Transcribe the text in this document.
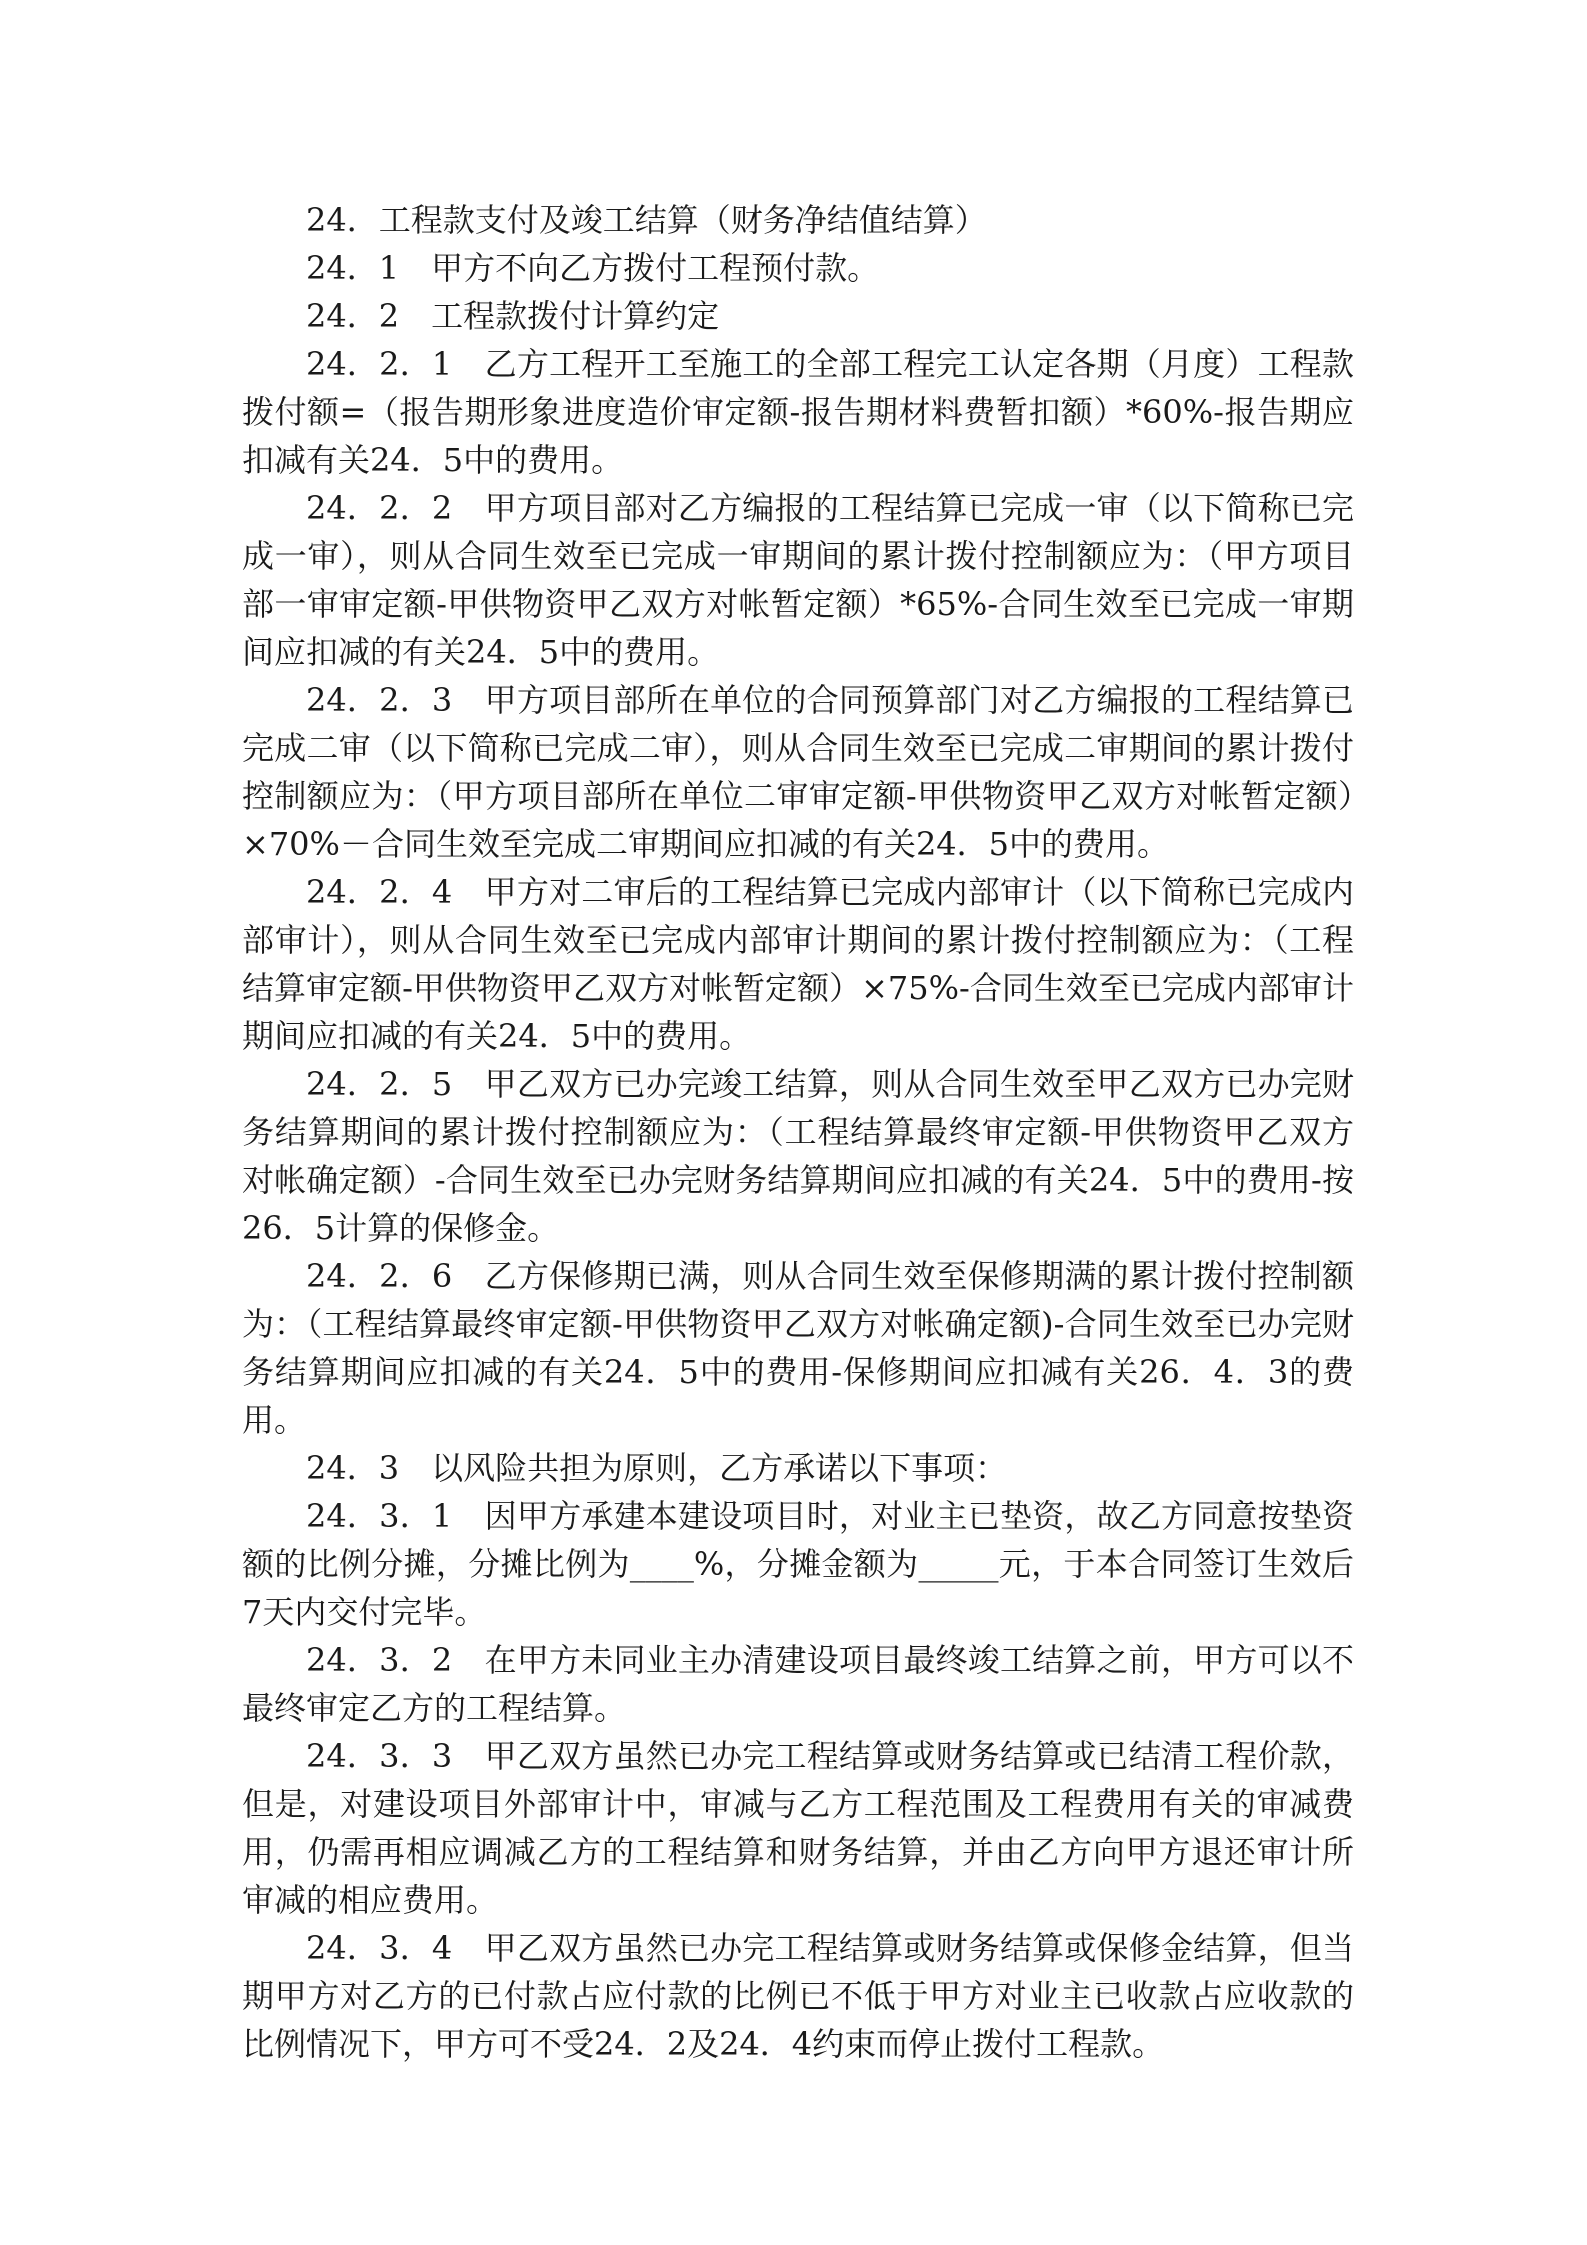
24．工程款支付及竣工结算（财务净结值结算）

24．1　甲方不向乙方拨付工程预付款。

24．2　工程款拨付计算约定

24．2．1　乙方工程开工至施工的全部工程完工认定各期（月度）工程款拨付额=（报告期形象进度造价审定额-报告期材料费暂扣额）*60%-报告期应扣减有关24．5中的费用。

24．2．2　甲方项目部对乙方编报的工程结算已完成一审（以下简称已完成一审），则从合同生效至已完成一审期间的累计拨付控制额应为：（甲方项目部一审审定额-甲供物资甲乙双方对帐暂定额）*65%-合同生效至已完成一审期间应扣减的有关24．5中的费用。

24．2．3　甲方项目部所在单位的合同预算部门对乙方编报的工程结算已完成二审（以下简称已完成二审），则从合同生效至已完成二审期间的累计拨付控制额应为：（甲方项目部所在单位二审审定额-甲供物资甲乙双方对帐暂定额）×70%－合同生效至完成二审期间应扣减的有关24．5中的费用。

24．2．4　甲方对二审后的工程结算已完成内部审计（以下简称已完成内部审计），则从合同生效至已完成内部审计期间的累计拨付控制额应为：（工程结算审定额-甲供物资甲乙双方对帐暂定额）×75%-合同生效至已完成内部审计期间应扣减的有关24．5中的费用。

24．2．5　甲乙双方已办完竣工结算，则从合同生效至甲乙双方已办完财务结算期间的累计拨付控制额应为：（工程结算最终审定额-甲供物资甲乙双方对帐确定额）-合同生效至已办完财务结算期间应扣减的有关24．5中的费用-按26．5计算的保修金。

24．2．6　乙方保修期已满，则从合同生效至保修期满的累计拨付控制额为：（工程结算最终审定额-甲供物资甲乙双方对帐确定额)-合同生效至已办完财务结算期间应扣减的有关24．5中的费用-保修期间应扣减有关26．4．3的费用。

24．3　以风险共担为原则，乙方承诺以下事项：

24．3．1　因甲方承建本建设项目时，对业主已垫资，故乙方同意按垫资额的比例分摊，分摊比例为____%，分摊金额为_____元，于本合同签订生效后7天内交付完毕。

24．3．2　在甲方未同业主办清建设项目最终竣工结算之前，甲方可以不最终审定乙方的工程结算。

24．3．3　甲乙双方虽然已办完工程结算或财务结算或已结清工程价款，但是，对建设项目外部审计中，审减与乙方工程范围及工程费用有关的审减费用，仍需再相应调减乙方的工程结算和财务结算，并由乙方向甲方退还审计所审减的相应费用。

24．3．4　甲乙双方虽然已办完工程结算或财务结算或保修金结算，但当期甲方对乙方的已付款占应付款的比例已不低于甲方对业主已收款占应收款的比例情况下，甲方可不受24．2及24．4约束而停止拨付工程款。
